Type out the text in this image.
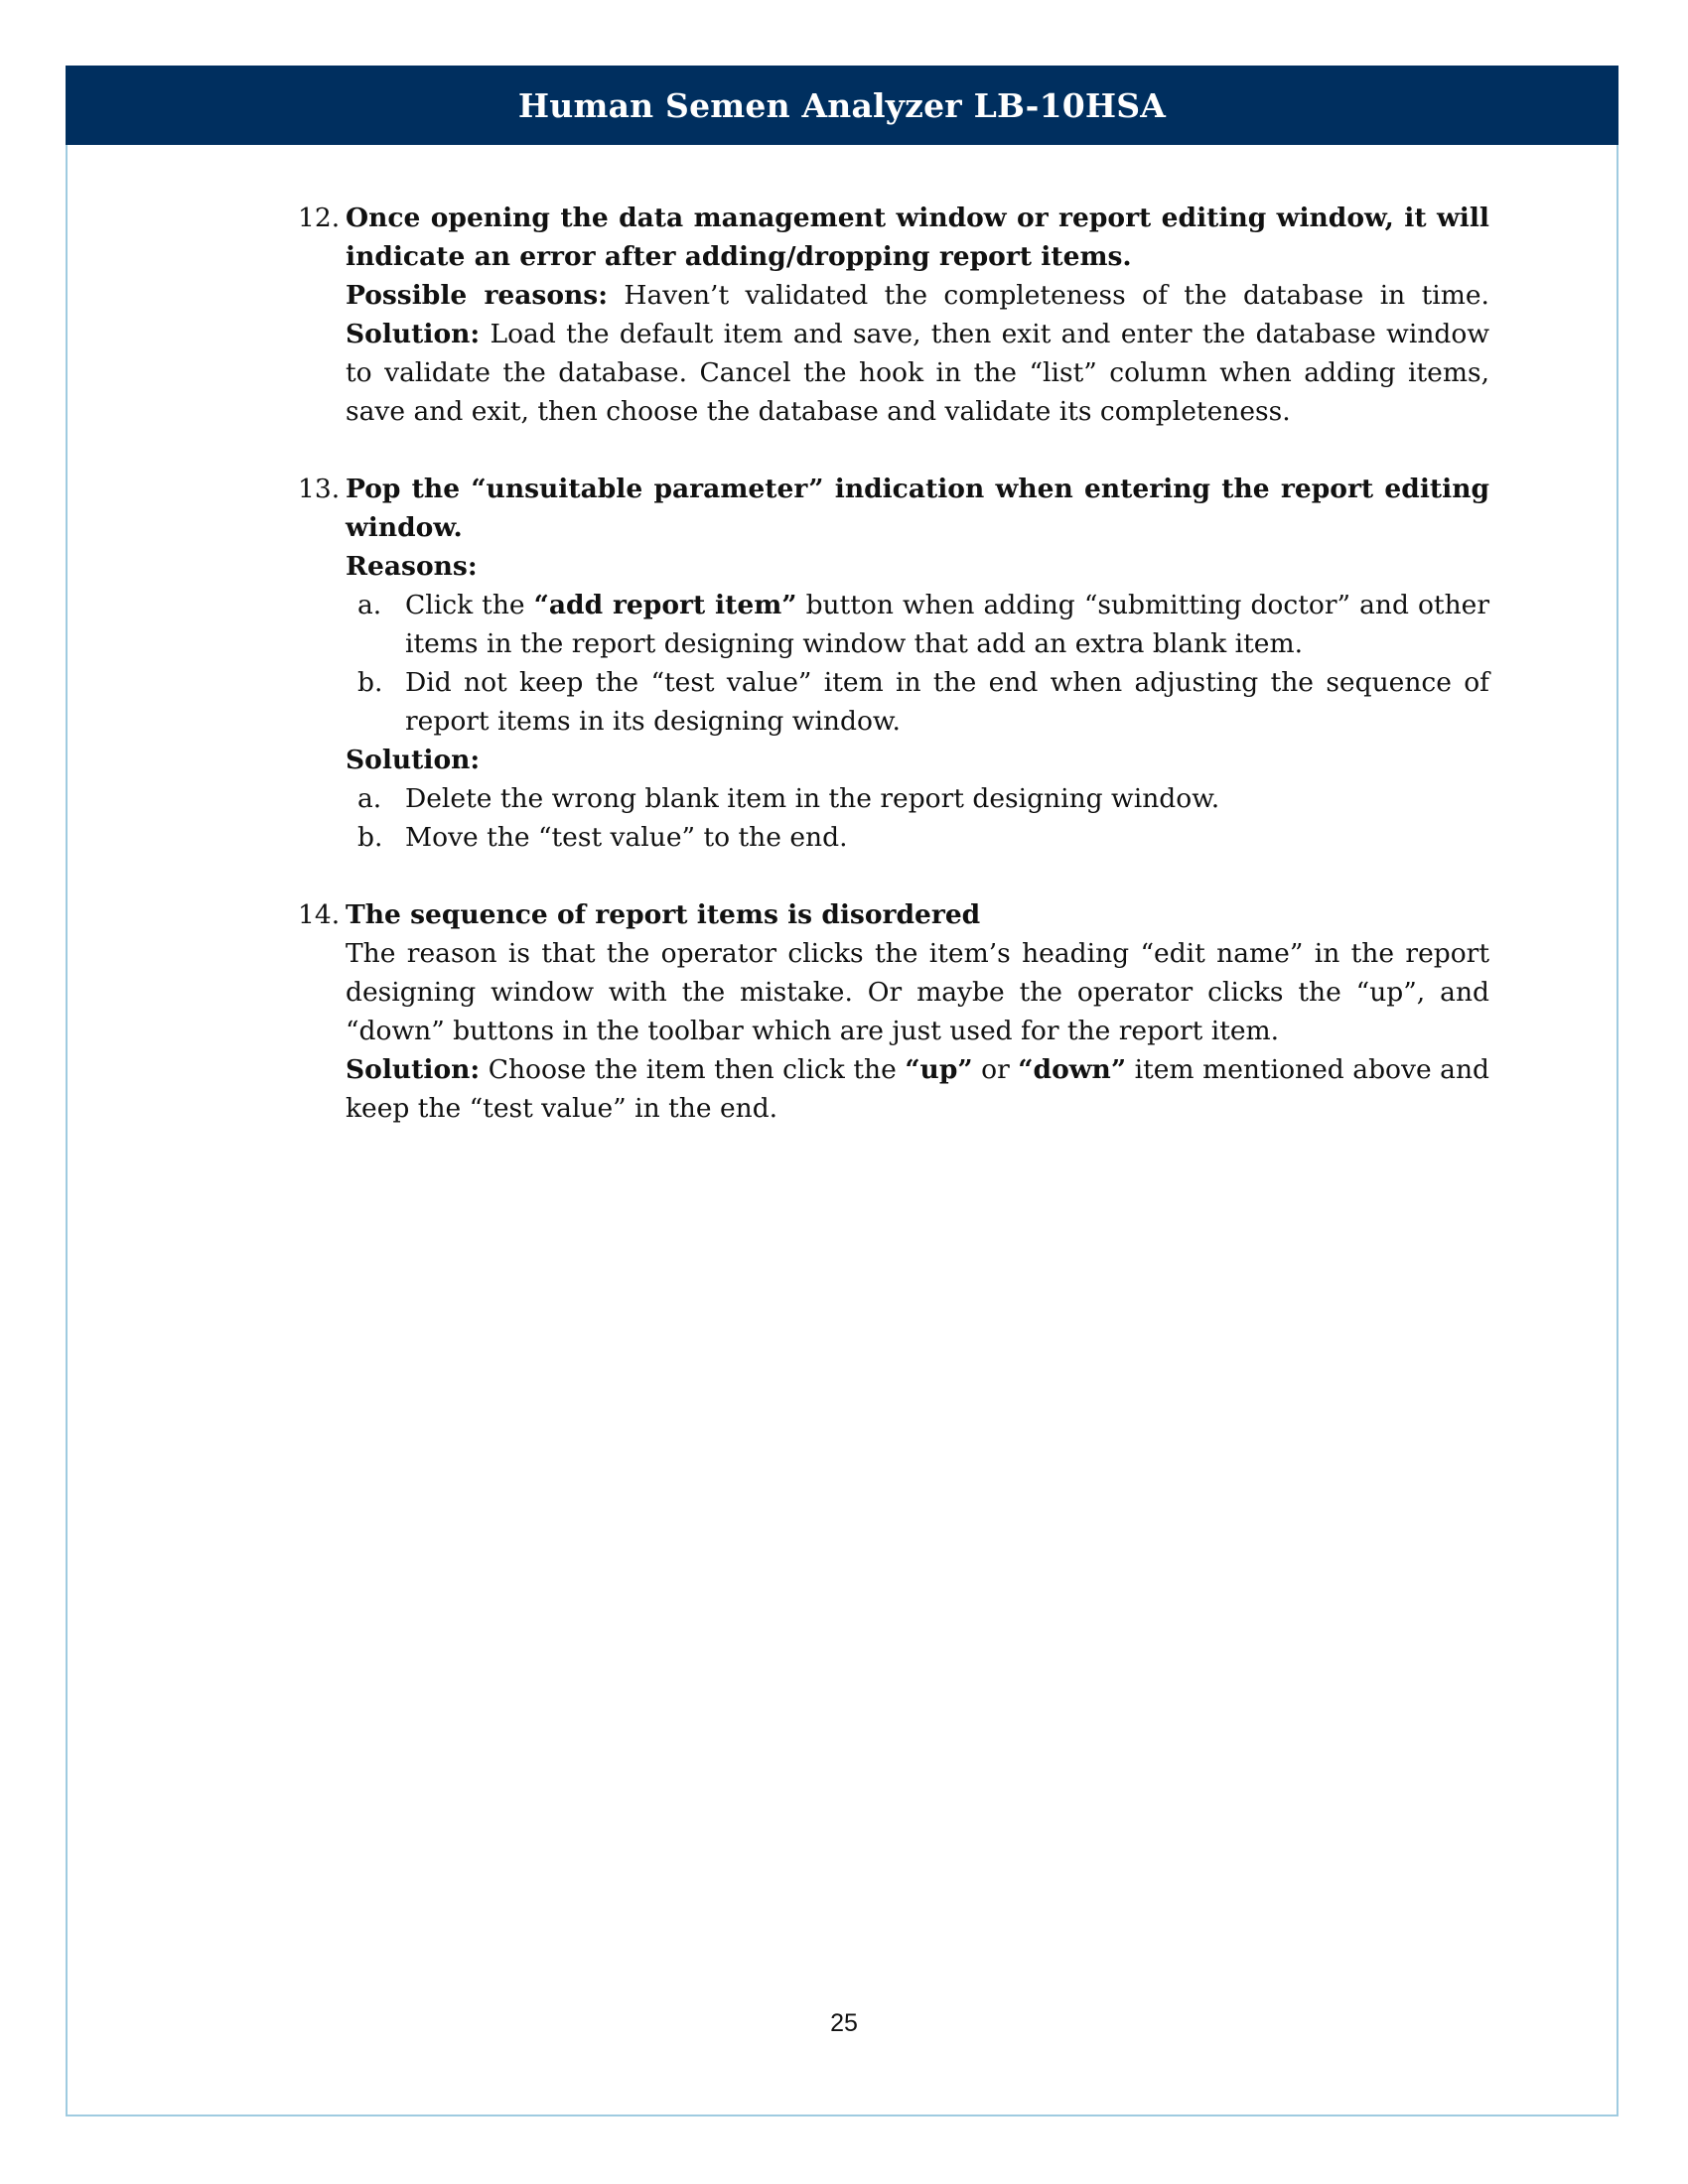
Human Semen Analyzer LB-10HSA
12. Once opening the data management window or report editing window, it will indicate an error after adding/dropping report items.

Possible reasons: Haven’t validated the completeness of the database in time. Solution: Load the default item and save, then exit and enter the database window to validate the database. Cancel the hook in the “list” column when adding items, save and exit, then choose the database and validate its completeness.

13. Pop the “unsuitable parameter” indication when entering the report editing window.

Reasons:

a. Click the “add report item” button when adding “submitting doctor” and other items in the report designing window that add an extra blank item.
b. Did not keep the “test value” item in the end when adjusting the sequence of report items in its designing window.

Solution:

a. Delete the wrong blank item in the report designing window.
b. Move the “test value” to the end.
14. The sequence of report items is disordered

The reason is that the operator clicks the item’s heading “edit name” in the report designing window with the mistake. Or maybe the operator clicks the “up”, and “down” buttons in the toolbar which are just used for the report item.

Solution: Choose the item then click the “up” or “down” item mentioned above and keep the “test value” in the end.

25
